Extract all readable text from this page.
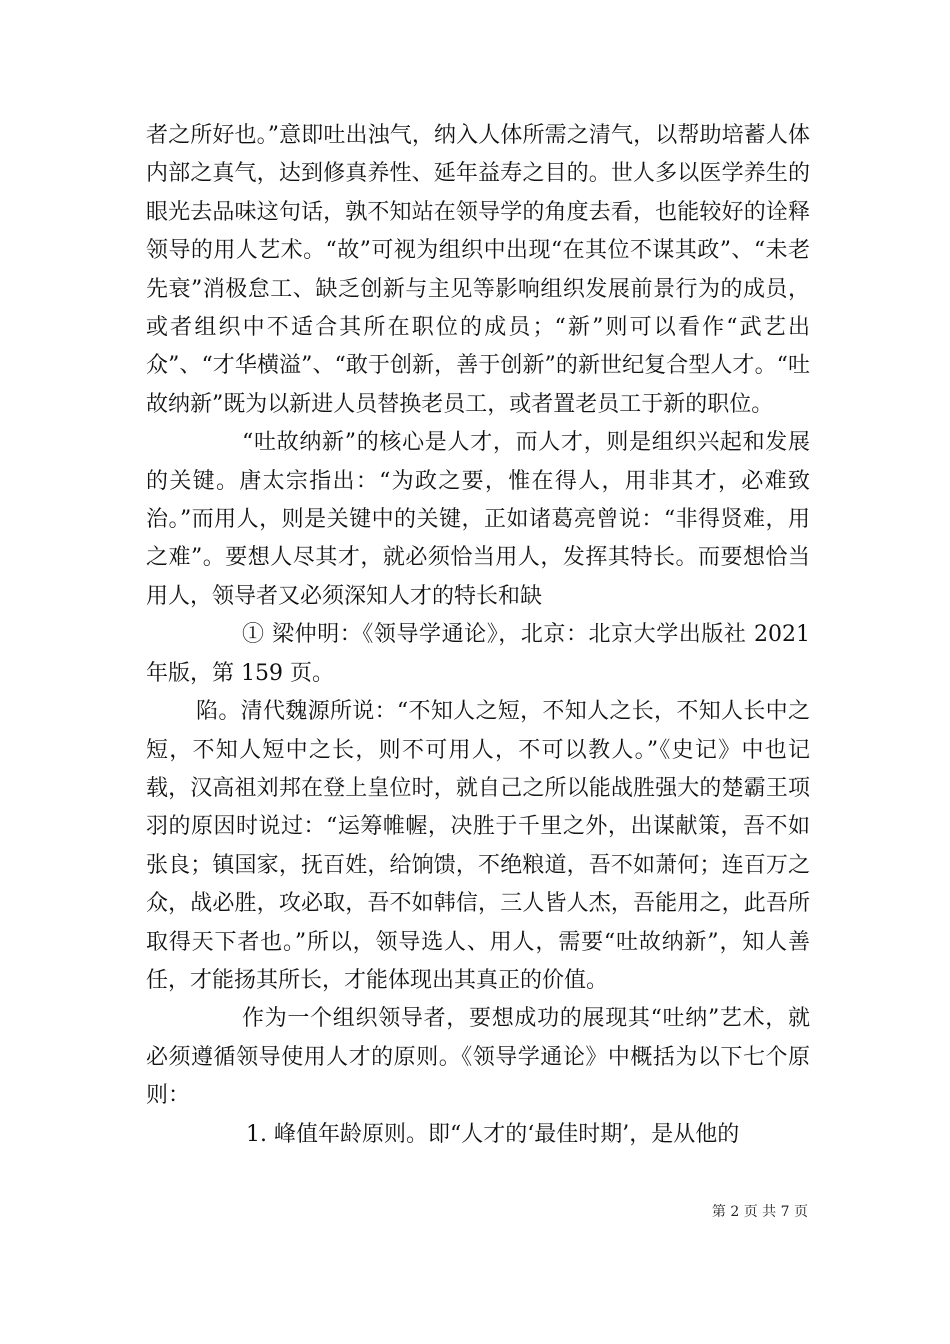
者之所好也。”意即吐出浊气，纳入人体所需之清气，以帮助培蓄人体内部之真气，达到修真养性、延年益寿之目的。世人多以医学养生的眼光去品味这句话，孰不知站在领导学的角度去看，也能较好的诠释领导的用人艺术。“故”可视为组织中出现“在其位不谋其政”、“未老先衰”消极怠工、缺乏创新与主见等影响组织发展前景行为的成员，或者组织中不适合其所在职位的成员；“新”则可以看作“武艺出众”、“才华横溢”、“敢于创新，善于创新”的新世纪复合型人才。“吐故纳新”既为以新进人员替换老员工，或者置老员工于新的职位。

“吐故纳新”的核心是人才，而人才，则是组织兴起和发展的关键。唐太宗指出：“为政之要，惟在得人，用非其才，必难致治。”而用人，则是关键中的关键，正如诸葛亮曾说：“非得贤难，用之难”。要想人尽其才，就必须恰当用人，发挥其特长。而要想恰当用人，领导者又必须深知人才的特长和缺

① 梁仲明：《领导学通论》，北京：北京大学出版社 2021 年版，第 159 页。

陷。清代魏源所说：“不知人之短，不知人之长，不知人长中之短，不知人短中之长，则不可用人，不可以教人。”《史记》中也记载，汉高祖刘邦在登上皇位时，就自己之所以能战胜强大的楚霸王项羽的原因时说过：“运筹帷幄，决胜于千里之外，出谋献策，吾不如张良；镇国家，抚百姓，给饷馈，不绝粮道，吾不如萧何；连百万之众，战必胜，攻必取，吾不如韩信，三人皆人杰，吾能用之，此吾所取得天下者也。”所以，领导选人、用人，需要“吐故纳新”，知人善任，才能扬其所长，才能体现出其真正的价值。

作为一个组织领导者，要想成功的展现其“吐纳”艺术，就必须遵循领导使用人才的原则。《领导学通论》中概括为以下七个原则：

1. 峰值年龄原则。即“人才的‘最佳时期’，是从他的

第 2 页 共 7 页
